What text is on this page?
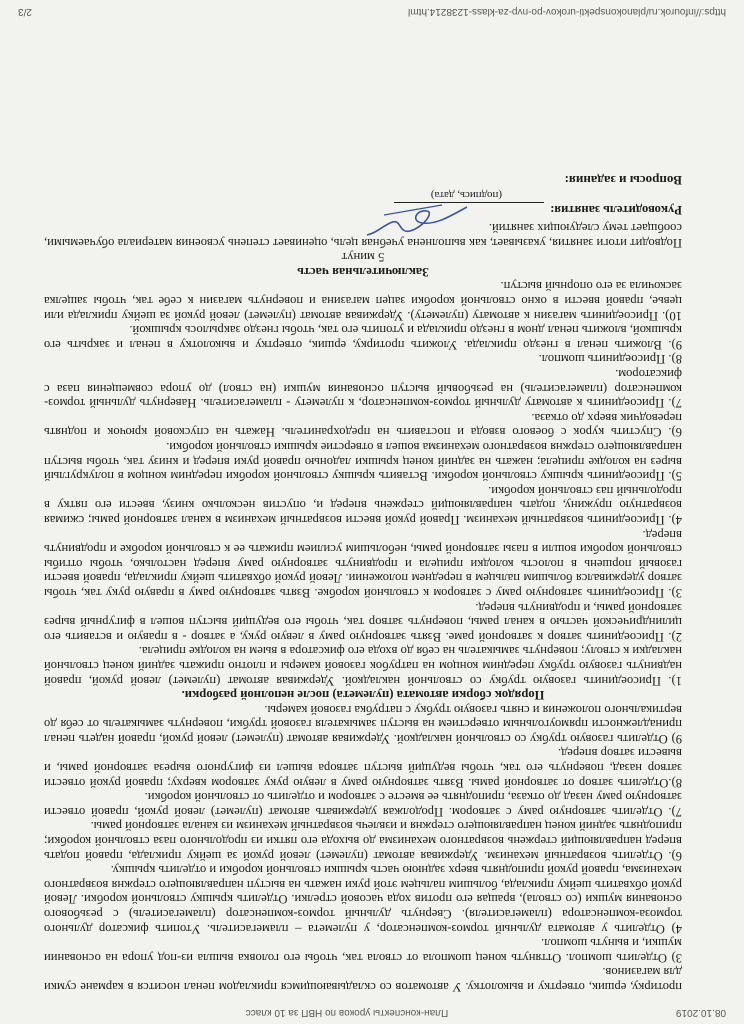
08.10.2019
План-конспекты уроков по НВП за 10 класс

протирку, ершик, отвертку и выколотку. У автоматов со складывающимся прикладом пенал носится в кармане сумки для магазинов.

3) Отделить шомпол. Оттянуть конец шомпола от ствола так, чтобы его головка вышла из-под упора на основании мушки, и вынуть шомпол.

4) Отделить у автомата дульный тормоз-компенсатор, у пулемета – пламегаситель. Утопить фиксатор дульного тормоза-компенсатора (пламегасителя). Свернуть дульный тормоз-компенсатор (пламегаситель) с резьбового основания мушки (со ствола), вращая его против хода часовой стрелки. Отделить крышку ствольной коробки. Левой рукой обхватить шейку приклада, большим пальцем этой руки нажать на выступ направляющего стержня возвратного механизма, правой рукой приподнять вверх заднюю часть крышки ствольной коробки и отделить крышку.

6). Отделить возвратный механизм. Удерживая автомат (пулемет) левой рукой за шейку приклада, правой подать вперед направляющий стержень возвратного механизма до выхода его пятки из продольного паза ствольной коробки; приподнять задний конец направляющего стержня и извлечь возвратный механизм из канала затворной рамы.

7). Отделить затворную раму с затвором. Продолжая удерживать автомат (пулемет) левой рукой, правой отвести затворную раму назад до отказа, приподнять ее вместе с затвором и отделить от ствольной коробки.

8).Отделить затвор от затворной рамы. Взять затворную раму в левую руку затвором кверху; правой рукой отвести затвор назад, повернуть его так, чтобы ведущий выступ затвора вышел из фигурного выреза затворной рамы, и вывести затвор вперед.

9) Отделить газовую трубку со ствольной накладкой. Удерживая автомат (пулемет) левой рукой, правой надеть пенал принадлежности прямоугольным отверстием на выступ замыкателя газовой трубки, повернуть замыкатель от себя до вертикального положения и снять газовую трубку с патрубка газовой камеры.

Порядок сборки автомата (пулемета) после неполной разборки.

1). Присоединить газовую трубку со ствольной накладкой. Удерживая автомат (пулемет) левой рукой, правой надвинуть газовую трубку передним концом на патрубок газовой камеры и плотно прижать задний конец ствольной накладки к стволу; повернуть замыкатель на себя до входа его фиксатора в выем на колодке прицела.

2). Присоединить затвор к затворной раме. Взять затворную раму в левую руку, а затвор - в правую и вставить его цилиндрической частью в канал рамы, повернуть затвор так, чтобы его ведущий выступ вошел в фигурный вырез затворной рамы, и продвинуть вперед.

3). Присоединить затворную раму с затвором к ствольной коробке. Взять затворную раму в правую руку так, чтобы затвор удерживался большим пальцем в переднем положении. Левой рукой обхватить шейку приклада, правой ввести газовый поршень в полость колодки прицела и продвинуть затворную раму вперед настолько, чтобы отгибы ствольной коробки вошли в пазы затворной рамы, небольшим усилием прижать ее к ствольной коробке и продвинуть вперед.

4). Присоединить возвратный механизм. Правой рукой ввести возвратный механизм в канал затворной рамы; сжимая возвратную пружину, подать направляющий стержень вперед и, опустив несколько книзу, ввести его пятку в продольный паз ствольной коробки.

5). Присоединить крышку ствольной коробки. Вставить крышку ствольной коробки передним концом в полукруглый вырез на колодке прицела; нажать на задний конец крышки ладонью правой руки вперед и книзу так, чтобы выступ направляющего стержня возвратного механизма вошел в отверстие крышки ствольной коробки.

6). Спустить курок с боевого взвода и поставить на предохранитель. Нажать на спусковой крючок и поднять переводчик вверх до отказа.

7). Присоединить к автомату дульный тормоз-компенсатор, к пулемету - пламегаситель. Навернуть дульный тормоз-компенсатор (пламегаситель) на резьбовый выступ основания мушки (на ствол) до упора совмещения паза с фиксатором.

8). Присоединить шомпол.

9). Вложить пенал в гнездо приклада. Уложить протирку, ершик, отвертку и выколотку в пенал и закрыть его крышкой, вложить пенал дном в гнездо приклада и утопить его так, чтобы гнездо закрылось крышкой.

10). Присоединить магазин к автомату (пулемету). Удерживая автомат (пулемет) левой рукой за шейку приклада или цевье, правой ввести в окно ствольной коробки зацеп магазина и повернуть магазин к себе так, чтобы защелка заскочила за его опорный выступ.

Заключительная часть

5 минут

Подводит итоги занятия, указывает, как выполнена учебная цель, оценивает степень усвоения материала обучаемыми, сообщает тему следующих занятий.

Руководитель занятия:
(подпись, дата)

Вопросы и задания:

https://infourok.ru/planokonspekti-urokov-po-nvp-za-klass-1238214.html
2/3
